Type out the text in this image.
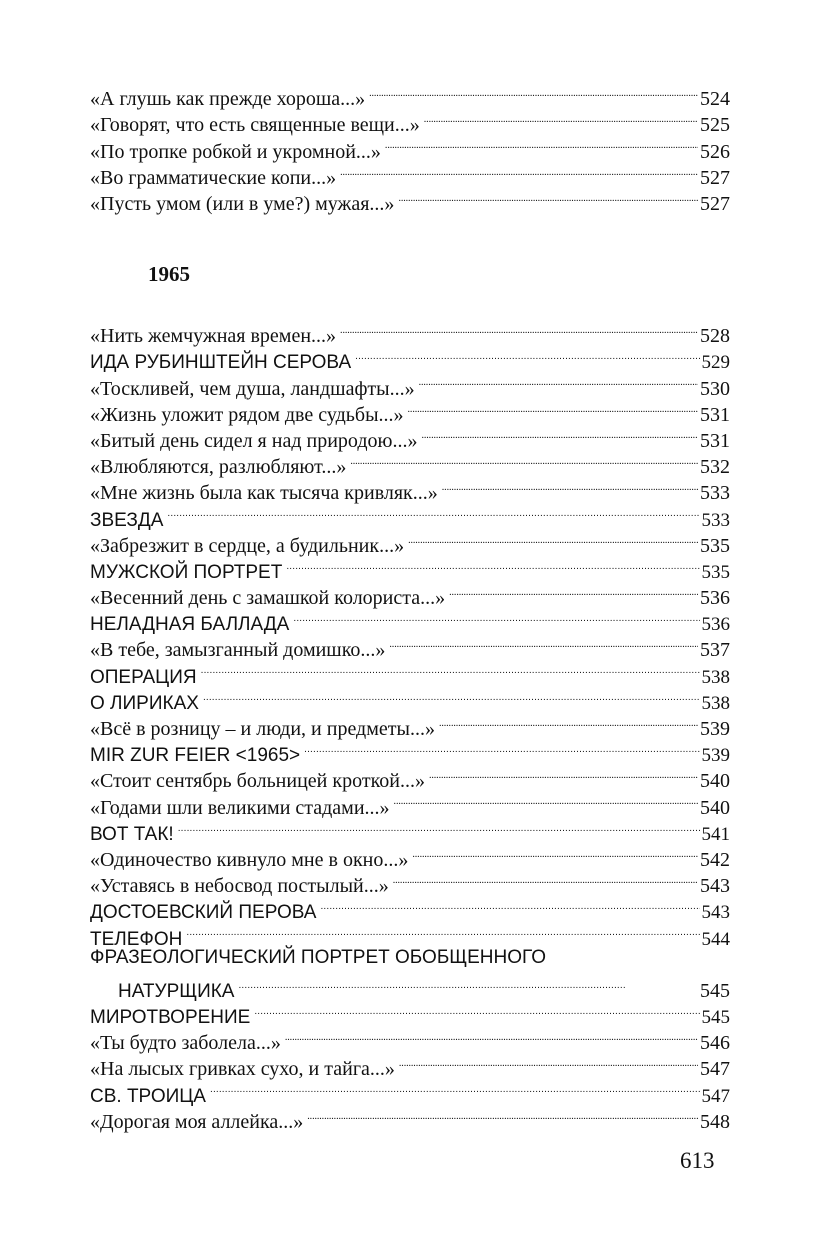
«А глушь как прежде хороша...» . . .	524
«Говорят, что есть священные вещи...» . . .	525
«По тропке робкой и укромной...» . . .	526
«Во грамматические копи...» . . .	527
«Пусть умом (или в уме?) мужая...» . . .	527
1965
«Нить жемчужная времен...» . . .	528
ИДА РУБИНШТЕЙН СЕРОВА . . .	529
«Тоскливей, чем душа, ландшафты...» . . .	530
«Жизнь уложит рядом две судьбы...» . . .	531
«Битый день сидел я над природою...» . . .	531
«Влюбляются, разлюбляют...» . . .	532
«Мне жизнь была как тысяча кривляк...» . . .	533
ЗВЕЗДА . . .	533
«Забрезжит в сердце, а будильник...» . . .	535
МУЖСКОЙ ПОРТРЕТ . . .	535
«Весенний день с замашкой колориста...» . . .	536
НЕЛАДНАЯ БАЛЛАДА . . .	536
«В тебе, замызганный домишко...» . . .	537
ОПЕРАЦИЯ . . .	538
О ЛИРИКАХ . . .	538
«Всё в розницу – и люди, и предметы...» . . .	539
MIR ZUR FEIER <1965> . . .	539
«Стоит сентябрь больницей кроткой...» . . .	540
«Годами шли великими стадами...» . . .	540
ВОТ ТАК! . . .	541
«Одиночество кивнуло мне в окно...» . . .	542
«Уставясь в небосвод постылый...» . . .	543
ДОСТОЕВСКИЙ ПЕРОВА . . .	543
ТЕЛЕФОН . . .	544
ФРАЗЕОЛОГИЧЕСКИЙ ПОРТРЕТ ОБОБЩЕННОГО
НАТУРЩИКА . . .	545
МИРОТВОРЕНИЕ . . .	545
«Ты будто заболела...» . . .	546
«На лысых гривках сухо, и тайга...» . . .	547
СВ. ТРОИЦА . . .	547
«Дорогая моя аллейка...» . . .	548
613
